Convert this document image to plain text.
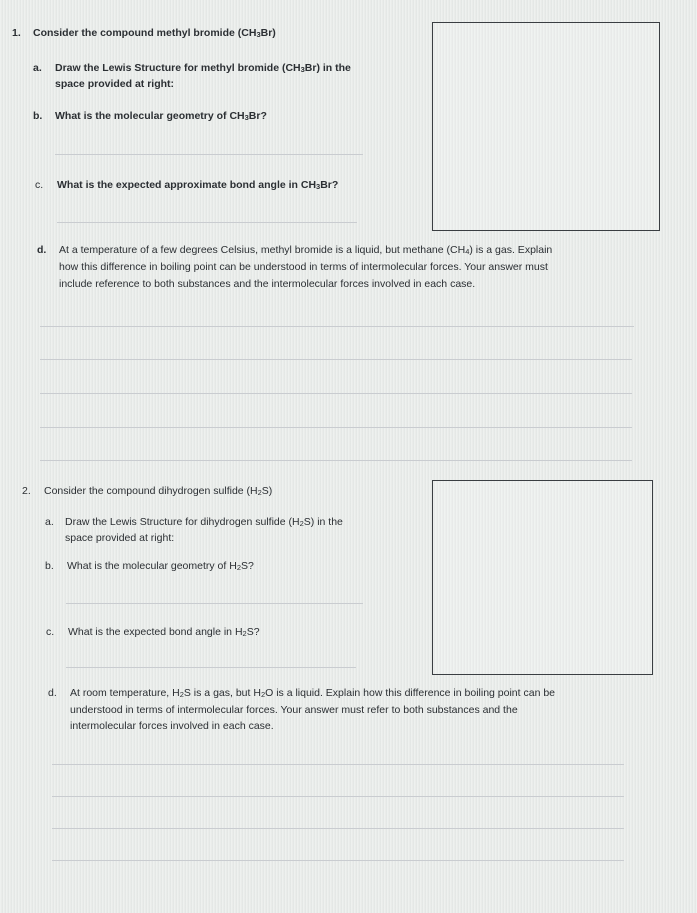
1. Consider the compound methyl bromide $(CH_3Br)$
a. Draw the Lewis Structure for methyl bromide $(CH_3Br)$ in the
space provided at right:
b. What is the molecular geometry of $CH_3Br$?
c. What is the expected approximate bond angle in $CH_3Br$?
d. At a temperature of a few degrees Celsius, methyl bromide is a liquid, but methane $(CH_4)$ is a gas. Explain
how this difference in boiling point can be understood in terms of intermolecular forces. Your answer must
include reference to both substances and the intermolecular forces involved in each case.
2. Consider the compound dihydrogen sulfide $(H_2S)$
a. Draw the Lewis Structure for dihydrogen sulfide $(H_2S)$ in the
space provided at right:
b. What is the molecular geometry of $H_2S$?
c. What is the expected bond angle in $H_2S$?
d. At room temperature, $H_2S$ is a gas, but $H_2O$ is a liquid. Explain how this difference in boiling point can be
understood in terms of intermolecular forces. Your answer must refer to both substances and the
intermolecular forces involved in each case.
